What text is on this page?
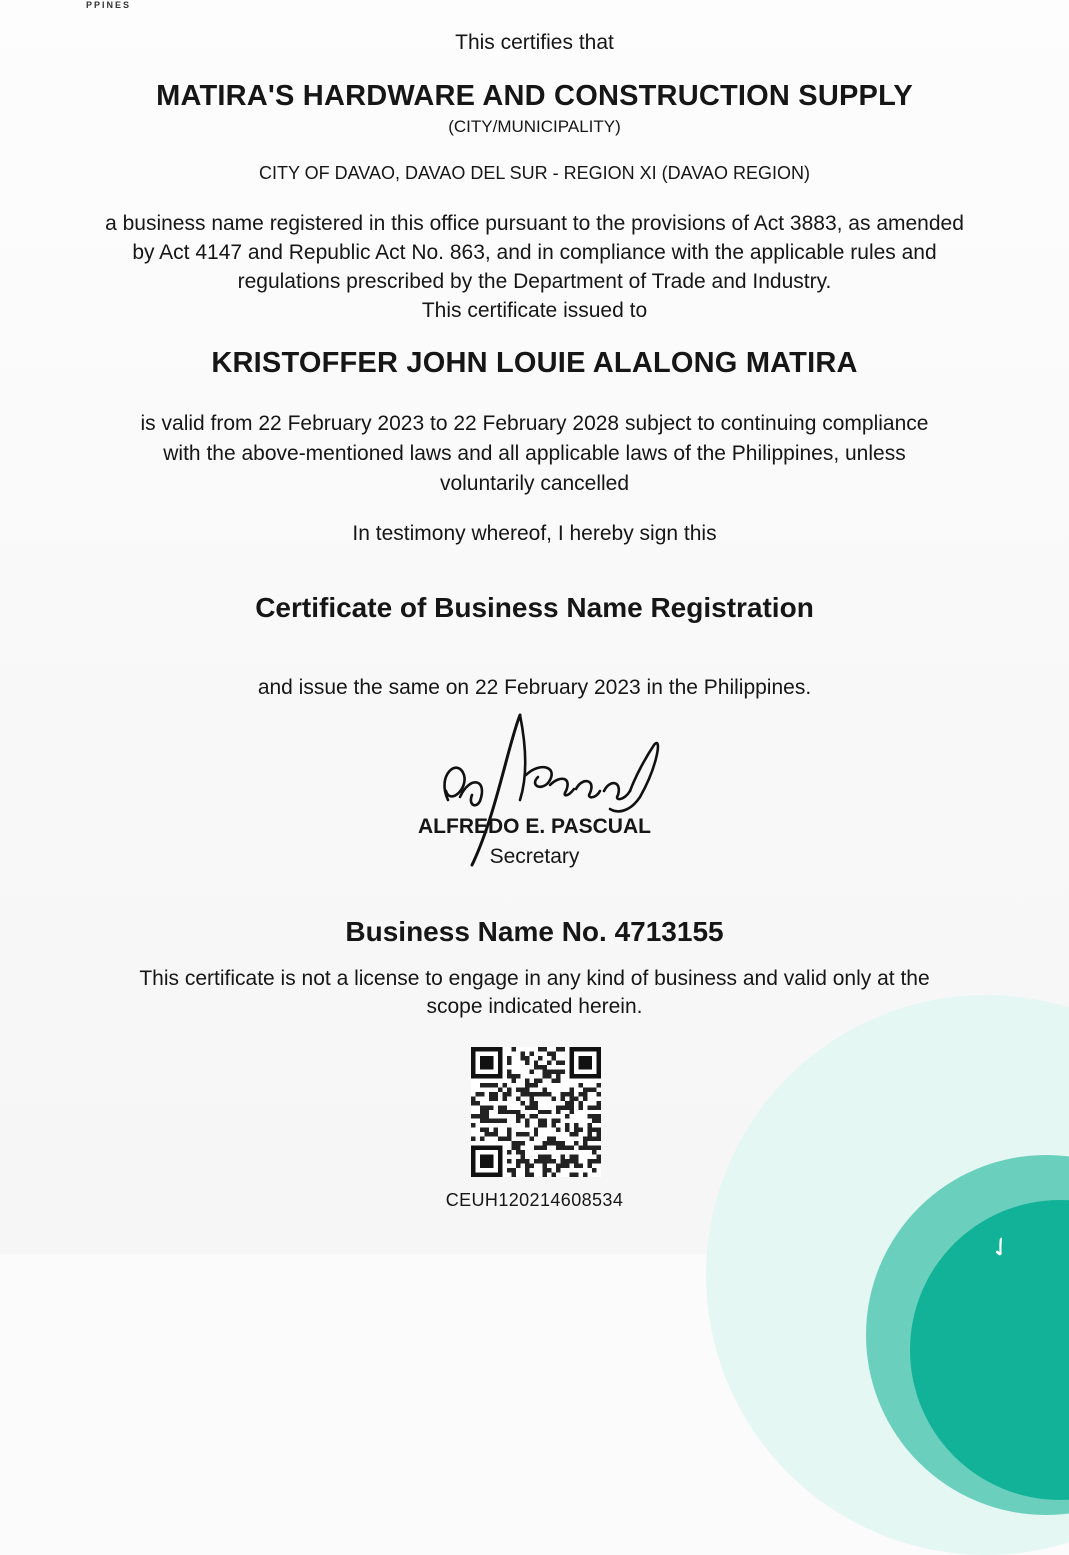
PPINES

This certifies that

MATIRA'S HARDWARE AND CONSTRUCTION SUPPLY

(CITY/MUNICIPALITY)

CITY OF DAVAO, DAVAO DEL SUR - REGION XI (DAVAO REGION)

a business name registered in this office pursuant to the provisions of Act 3883, as amended

by Act 4147 and Republic Act No. 863, and in compliance with the applicable rules and

regulations prescribed by the Department of Trade and Industry.

This certificate issued to

KRISTOFFER JOHN LOUIE ALALONG MATIRA

is valid from 22 February 2023 to 22 February 2028 subject to continuing compliance

with the above-mentioned laws and all applicable laws of the Philippines, unless

voluntarily cancelled

In testimony whereof, I hereby sign this

Certificate of Business Name Registration

and issue the same on 22 February 2023 in the Philippines.

ALFREDO E. PASCUAL

Secretary

Business Name No. 4713155

This certificate is not a license to engage in any kind of business and valid only at the

scope indicated herein.

✓

CEUH120214608534
